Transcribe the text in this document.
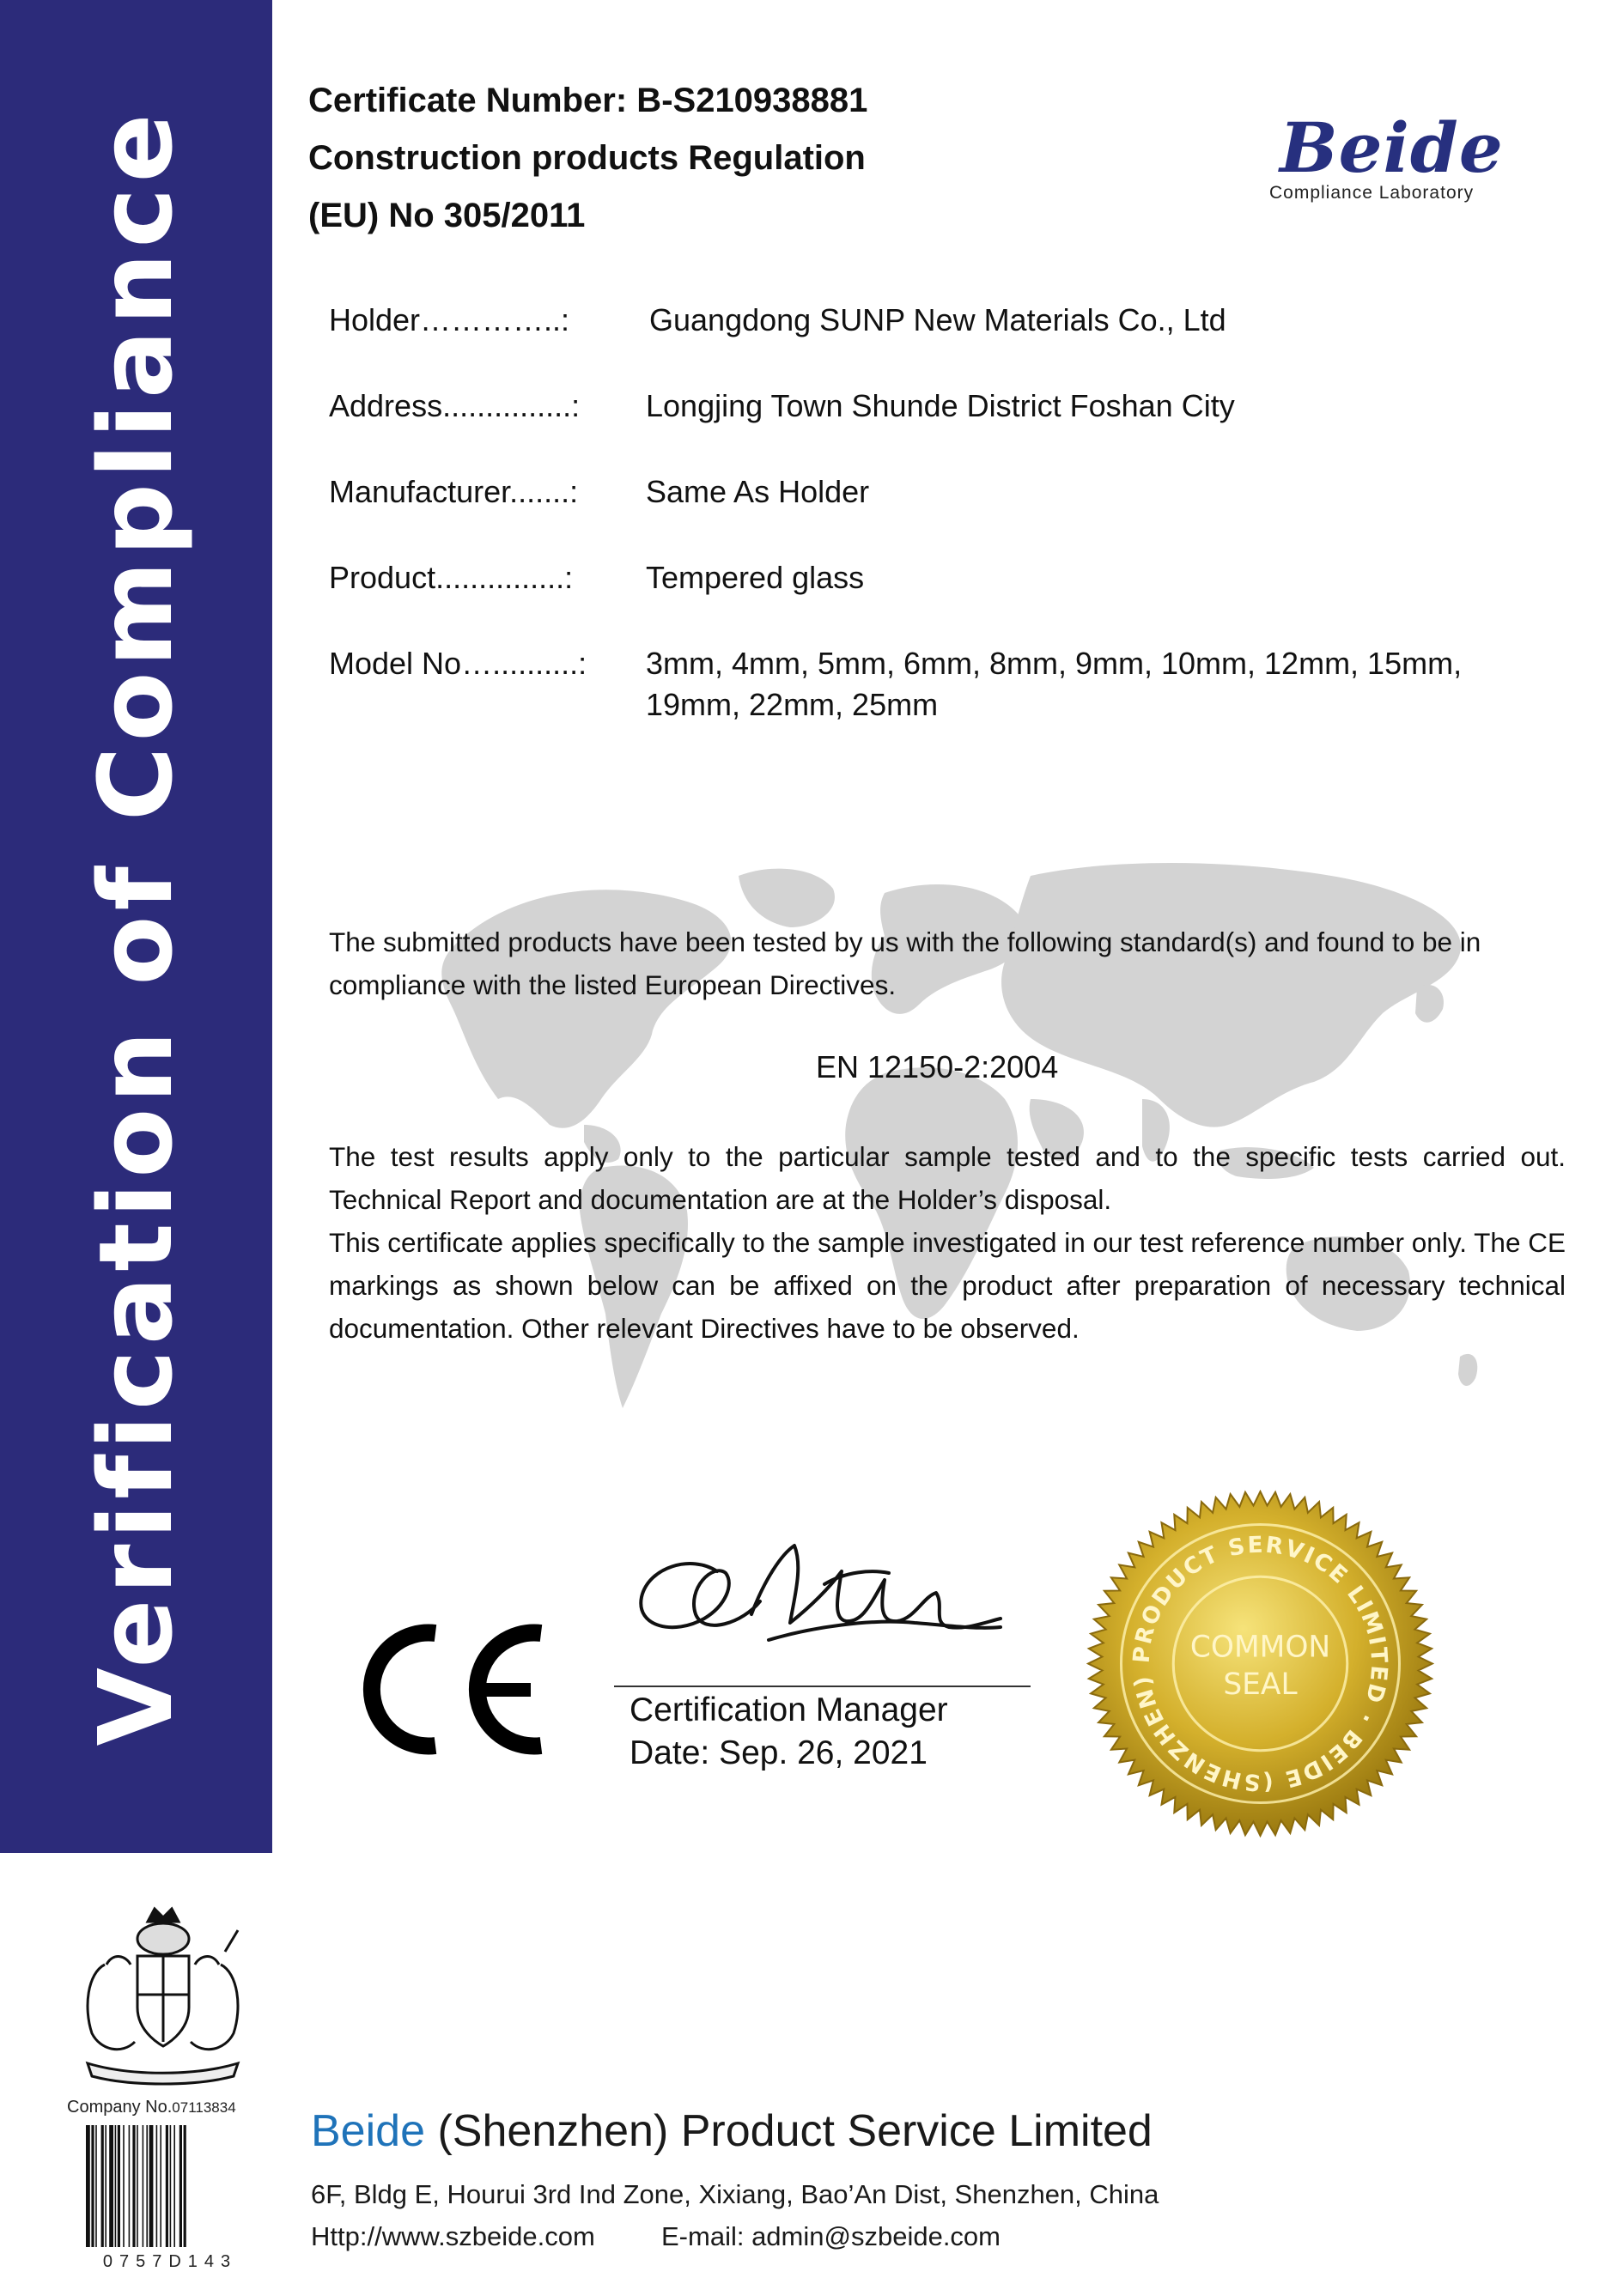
Verification of Compliance
Certificate Number: B-S210938881
Construction products Regulation
(EU) No 305/2011
Beide
Compliance Laboratory
Holder…………..:	Guangdong SUNP New Materials Co., Ltd
Address...............: Longjing Town Shunde District Foshan City
Manufacturer.......: Same As Holder
Product...............: Tempered glass
Model No…..........: 3mm, 4mm, 5mm, 6mm, 8mm, 9mm, 10mm, 12mm, 15mm,
19mm, 22mm, 25mm
The submitted products have been tested by us with the following standard(s) and found to be in compliance with the listed European Directives.
EN 12150-2:2004
The test results apply only to the particular sample tested and to the specific tests carried out. Technical Report and documentation are at the Holder’s disposal.
This certificate applies specifically to the sample investigated in our test reference number only. The CE markings as shown below can be affixed on the product after preparation of necessary technical documentation. Other relevant Directives have to be observed.
Certification Manager
Date: Sep. 26, 2021
PRODUCT SERVICE LIMITED · BEIDE (SHENZHEN)
COMMON
SEAL
Company No.07113834
0757D143
Beide (Shenzhen) Product Service Limited
6F, Bldg E, Hourui 3rd Ind Zone, Xixiang, Bao’An Dist, Shenzhen, China
Http://www.szbeide.com E-mail: admin@szbeide.com
